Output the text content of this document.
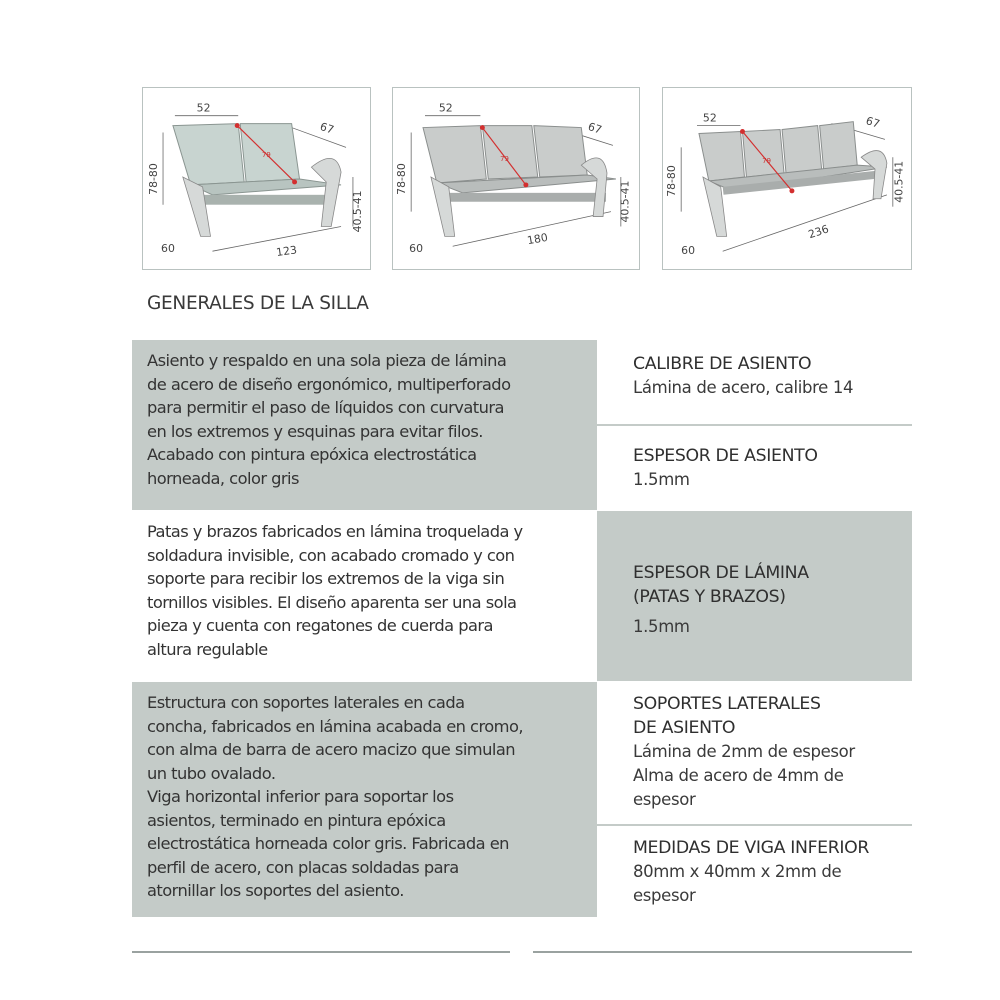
79
52
67
78-80
40.5-41
60	123
79
52
67
78-80
40.5-41
60
180
79
52	67
78-80	40.5-41
60
236
GENERALES DE LA SILLA
Asiento y respaldo en una sola pieza de lámina
de acero de diseño ergonómico, multiperforado
para permitir el paso de líquidos con curvatura
en los extremos y esquinas para evitar filos.
Acabado con pintura epóxica electrostática
horneada, color gris
Patas y brazos fabricados en lámina troquelada y
soldadura invisible, con acabado cromado y con
soporte para recibir los extremos de la viga sin
tornillos visibles. El diseño aparenta ser una sola
pieza y cuenta con regatones de cuerda para
altura regulable
Estructura con soportes laterales en cada
concha, fabricados en lámina acabada en cromo,
con alma de barra de acero macizo que simulan
un tubo ovalado.
Viga horizontal inferior para soportar los
asientos, terminado en pintura epóxica
electrostática horneada color gris. Fabricada en
perfil de acero, con placas soldadas para
atornillar los soportes del asiento.
CALIBRE DE ASIENTO
Lámina de acero, calibre 14
ESPESOR DE ASIENTO
1.5mm
ESPESOR DE LÁMINA
(PATAS Y BRAZOS)
1.5mm
SOPORTES LATERALES
DE ASIENTO
Lámina de 2mm de espesor
Alma de acero de 4mm de
espesor
MEDIDAS DE VIGA INFERIOR
80mm x 40mm x 2mm de
espesor
